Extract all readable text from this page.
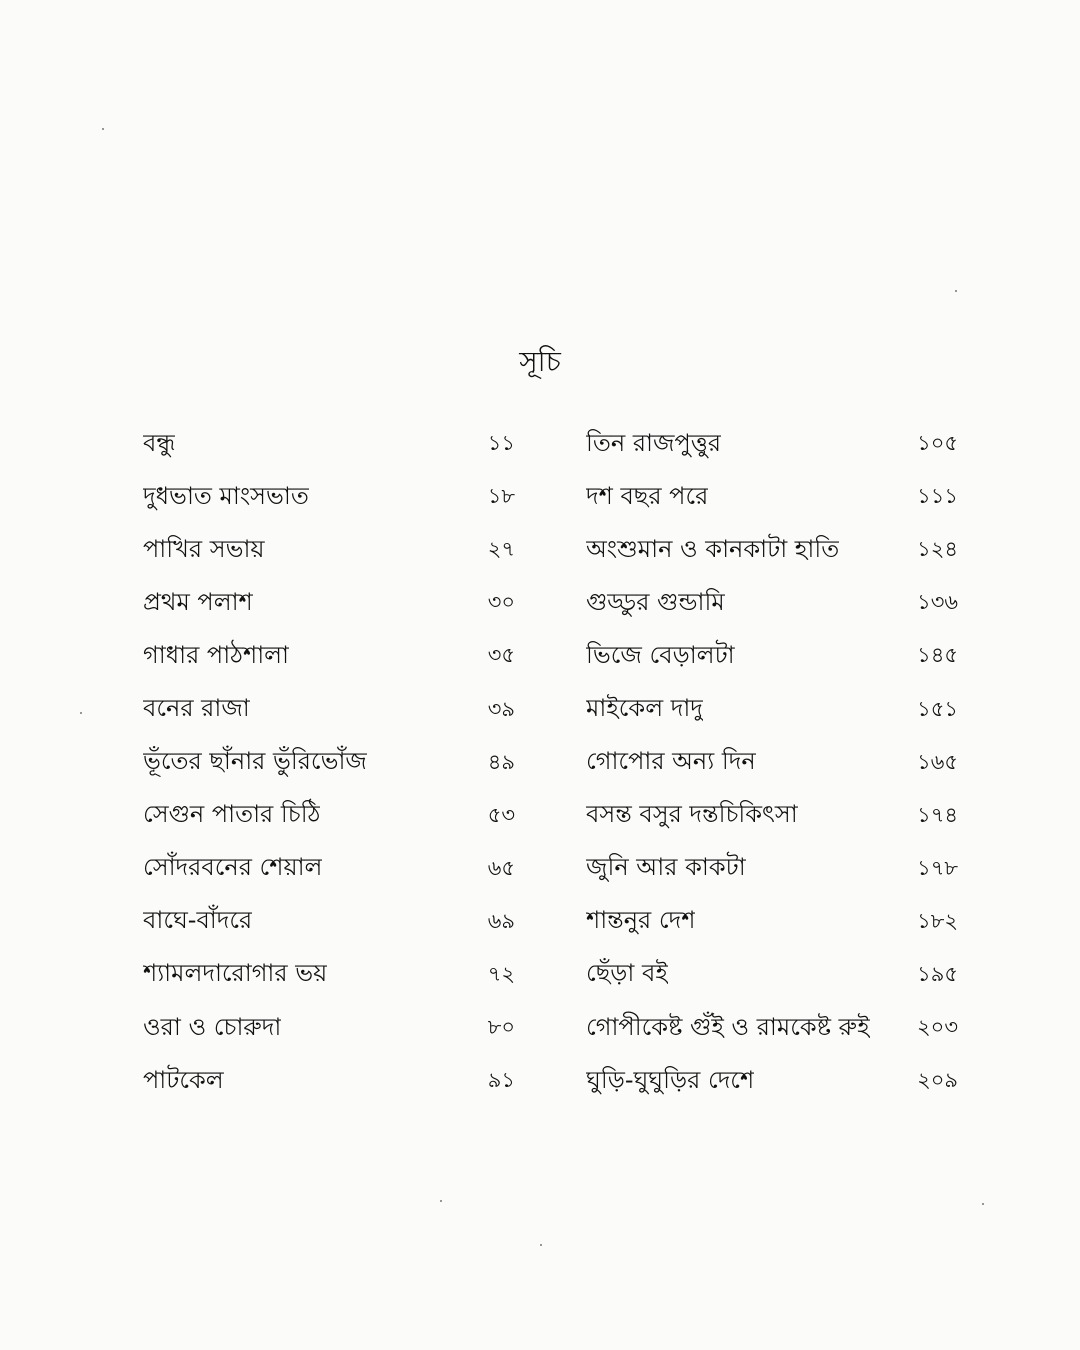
সূচি
বন্ধু	১১
দুধভাত মাংসভাত	১৮
পাখির সভায়	২৭
প্রথম পলাশ	৩০
গাধার পাঠশালা	৩৫
বনের রাজা	৩৯
ভূঁতের ছাঁনার ভুঁরিভোঁজ	৪৯
সেগুন পাতার চিঠি	৫৩
সোঁদরবনের শেয়াল	৬৫
বাঘে-বাঁদরে	৬৯
শ্যামলদারোগার ভয়	৭২
ওরা ও চোরুদা	৮০
পাটকেল	৯১
তিন রাজপুত্তুর	১০৫
দশ বছর পরে	১১১
অংশুমান ও কানকাটা হাতি	১২৪
গুড্ডুর গুন্ডামি	১৩৬
ভিজে বেড়ালটা	১৪৫
মাইকেল দাদু	১৫১
গোপোর অন্য দিন	১৬৫
বসন্ত বসুর দন্তচিকিৎসা	১৭৪
জুনি আর কাকটা	১৭৮
শান্তনুর দেশ	১৮২
ছেঁড়া বই	১৯৫
গোপীকেষ্ট গুঁই ও রামকেষ্ট রুই	২০৩
ঘুড়ি-ঘুঘুড়ির দেশে	২০৯
